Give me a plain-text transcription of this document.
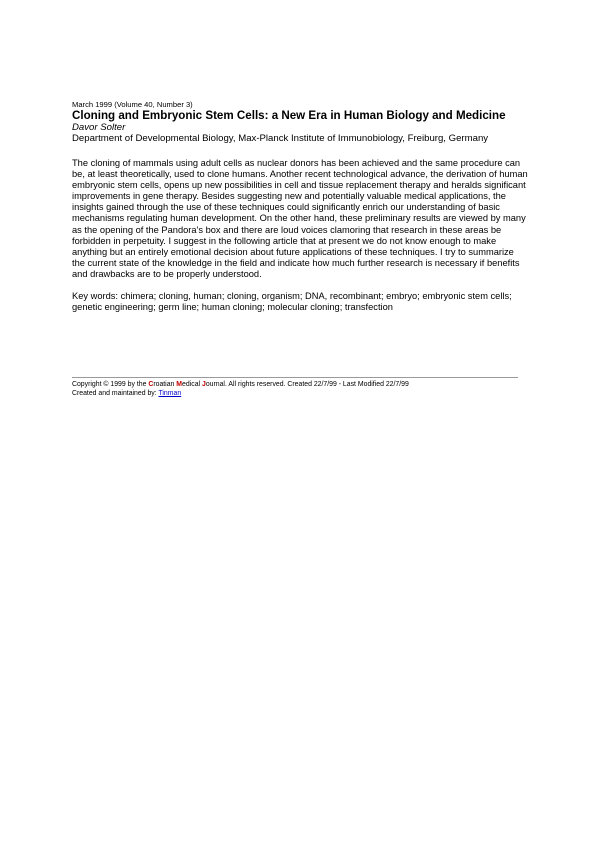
March 1999 (Volume 40, Number 3)

Cloning and Embryonic Stem Cells: a New Era in Human Biology and Medicine

Davor Solter

Department of Developmental Biology, Max-Planck Institute of Immunobiology, Freiburg, Germany

The cloning of mammals using adult cells as nuclear donors has been achieved and the same procedure can be, at least theoretically, used to clone humans. Another recent technological advance, the derivation of human embryonic stem cells, opens up new possibilities in cell and tissue replacement therapy and heralds significant improvements in gene therapy. Besides suggesting new and potentially valuable medical applications, the insights gained through the use of these techniques could significantly enrich our understanding of basic mechanisms regulating human development. On the other hand, these preliminary results are viewed by many as the opening of the Pandora's box and there are loud voices clamoring that research in these areas be forbidden in perpetuity. I suggest in the following article that at present we do not know enough to make anything but an entirely emotional decision about future applications of these techniques. I try to summarize the current state of the knowledge in the field and indicate how much further research is necessary if benefits and drawbacks are to be properly understood.

Key words: chimera; cloning, human; cloning, organism; DNA, recombinant; embryo; embryonic stem cells; genetic engineering; germ line; human cloning; molecular cloning; transfection

Copyright © 1999 by the Croatian Medical Journal. All rights reserved. Created 22/7/99 - Last Modified 22/7/99

Created and maintained by: Tinman
